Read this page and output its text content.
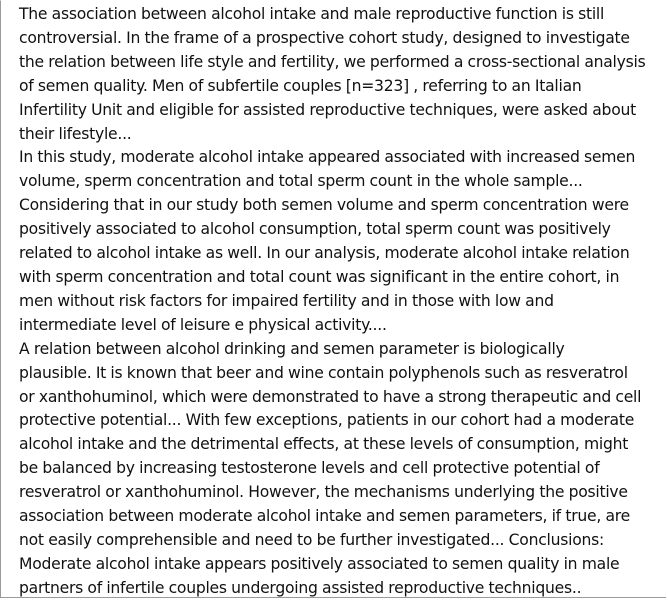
The association between alcohol intake and male reproductive function is still
controversial. In the frame of a prospective cohort study, designed to investigate
the relation between life style and fertility, we performed a cross-sectional analysis
of semen quality. Men of subfertile couples [n=323] , referring to an Italian
Infertility Unit and eligible for assisted reproductive techniques, were asked about
their lifestyle...

In this study, moderate alcohol intake appeared associated with increased semen
volume, sperm concentration and total sperm count in the whole sample...
Considering that in our study both semen volume and sperm concentration were
positively associated to alcohol consumption, total sperm count was positively
related to alcohol intake as well. In our analysis, moderate alcohol intake relation
with sperm concentration and total count was significant in the entire cohort, in
men without risk factors for impaired fertility and in those with low and
intermediate level of leisure e physical activity....

A relation between alcohol drinking and semen parameter is biologically
plausible. It is known that beer and wine contain polyphenols such as resveratrol
or xanthohuminol, which were demonstrated to have a strong therapeutic and cell
protective potential... With few exceptions, patients in our cohort had a moderate
alcohol intake and the detrimental effects, at these levels of consumption, might
be balanced by increasing testosterone levels and cell protective potential of
resveratrol or xanthohuminol. However, the mechanisms underlying the positive
association between moderate alcohol intake and semen parameters, if true, are
not easily comprehensible and need to be further investigated... Conclusions:
Moderate alcohol intake appears positively associated to semen quality in male
partners of infertile couples undergoing assisted reproductive techniques..
